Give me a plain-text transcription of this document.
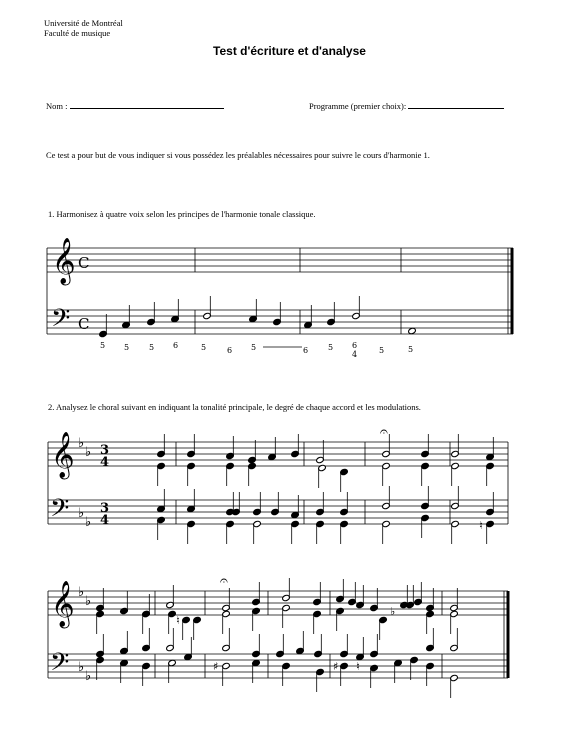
Université de Montréal
Faculté de musique
Test d'écriture et d'analyse
Nom :	Programme (premier choix):
Ce test a pour but de vous indiquer si vous possédez les préalables nécessaires pour suivre le cours d'harmonie 1.
1. Harmonisez à quatre voix selon les principes de l'harmonie tonale classique.
𝄞
𝄢
C
C
5 5 5 6	5	6 5	6 5 6
4	5	5
2. Analysez le choral suivant en indiquant la tonalité principale, le degré de chaque accord et les modulations.
𝄞
𝄢
♭
♭
♭
♭
3
4
3
4
𝄐
♮
𝄞
𝄢
♭
♭
♭
♭
𝄐
♮
♯	♯ ♮
♭
